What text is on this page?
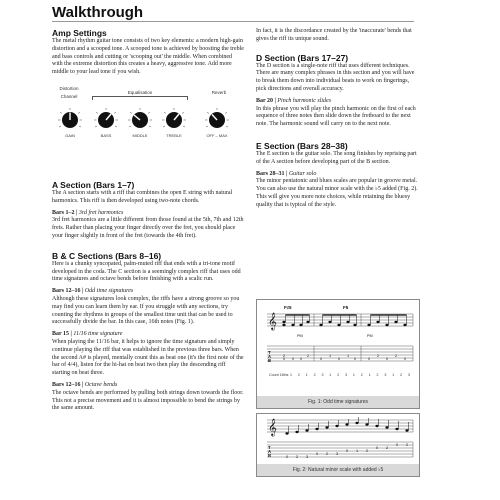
Walkthrough
Amp Settings

The metal rhythm guitar tone consists of two key elements: a modern high-gain distortion and a scooped tone. A scooped tone is achieved by boosting the treble and bass controls and cutting or 'scooping out' the middle. When combined with the extreme distortion this creates a heavy, aggressive tone. Add more middle to your lead tone if you wish.

Distortion Channel
Equalisation	Reverb
GAIN	BASS	MIDDLE	TREBLE	OFF – MAX
A Section (Bars 1–7)

The A section starts with a riff that combines the open E string with natural harmonics. This riff is then developed using two-note chords.

Bars 1–2 | 3rd fret harmonics

3rd fret harmonics are a little different from those found at the 5th, 7th and 12th frets. Rather than placing your finger directly over the fret, you should place your finger slightly in front of the fret (towards the 4th fret).

B & C Sections (Bars 8–16)

Here is a chunky syncopated, palm-muted riff that ends with a tri-tone motif developed in the coda. The C section is a seemingly complex riff that uses odd time signatures and octave bends before finishing with a scalic run.

Bars 12–16 | Odd time signatures

Although these signatures look complex, the riffs have a strong groove so you may find you can learn them by ear. If you struggle with any sections, try counting the rhythms in groups of the smallest time unit that can be used to successfully divide the bar. In this case, 16th notes (Fig. 1).

Bar 15 | 11/16 time signature

When playing the 11/16 bar, it helps to ignore the time signature and simply continue playing the riff that was established in the previous three bars. When the second A# is played, mentally count this as beat one (it's the first note of the bar of 4/4), listen for the hi-hat on beat two then play the descending riff starting on beat three.

Bars 12–16 | Octave bends

The octave bends are performed by pulling both strings down towards the floor. This not a precise movement and it is almost impossible to bend the strings by the same amount.

In fact, it is the discordance created by the 'inaccurate' bends that gives the riff its unique sound.

D Section (Bars 17–27)

The D section is a single-note riff that uses different techniques. There are many complex phrases in this section and you will have to break them down into individual beats to work on fingerings, pick directions and overall accuracy.

Bar 20 | Pinch harmonic slides

In this phrase you will play the pinch harmonic on the first of each sequence of three notes then slide down the fretboard to the next note. The harmonic sound will carry on to the next note.

E Section (Bars 28–38)

The E section is the guitar solo. The song finishes by reprising part of the A section before developing part of the B section.

Bars 28–31 | Guitar solo

The minor pentatonic and blues scales are popular in groove metal. You can also use the natural minor scale with the ♭5 added (Fig. 2). This will give you more note choices, while retaining the bluesy quality that is typical of the style.

𝄞
T
A
B
F♯5	F5
PM	PM
0
2
0 0
2
0
1
0
1
0	0
2
0
2
0
Count 16ths 1 2 1 2 3 1 2 3 1 2 1 2 3 1 2 3
Fig. 1: Odd time signatures
𝄞
T
A
B	0 2 3
0 2 3
0 1 2
0 2
0 2
Fig. 2: Natural minor scale with added ♭5
